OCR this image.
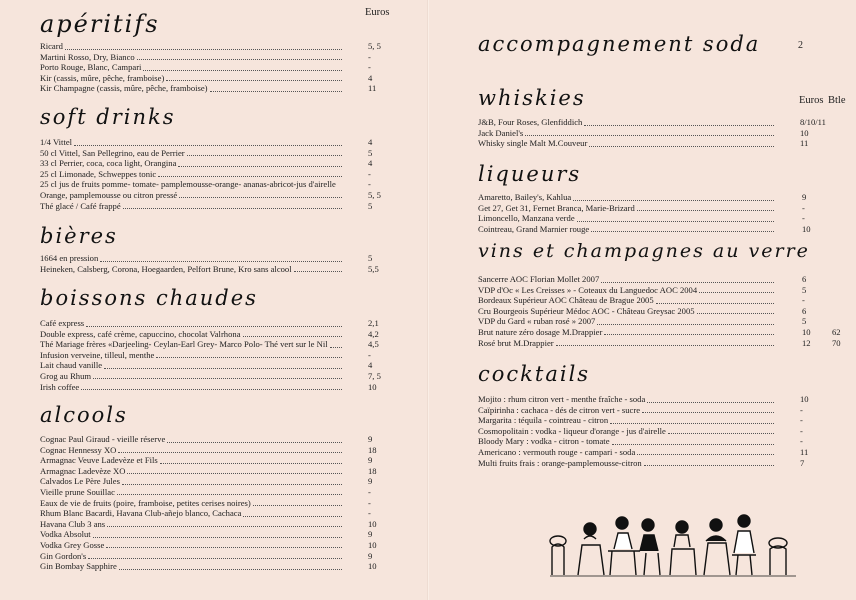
Euros
apéritifs
Ricard	5, 5
Martini Rosso, Dry, Bianco	-
Porto Rouge, Blanc, Campari	-
Kir (cassis, mûre, pêche, framboise)	4
Kir Champagne (cassis, mûre, pêche, framboise)	11
soft drinks
1/4 Vittel	4
50 cl Vittel, San Pellegrino, eau de Perrier	5
33 cl Perrier, coca, coca light, Orangina	4
25 cl Limonade, Schweppes tonic	-
25 cl jus de fruits pomme- tomate- pamplemousse-orange- ananas-abricot-jus d'airelle	-
Orange, pamplemousse ou citron pressé	5, 5
Thé glacé / Café frappé	5
bières
1664 en pression	5
Heineken, Calsberg, Corona, Hoegaarden, Pelfort Brune, Kro sans alcool	5,5
boissons chaudes
Café express	2,1
Double express, café crème, capuccino, chocolat Valrhona	4,2
Thé Mariage frères «Darjeeling- Ceylan-Earl Grey- Marco Polo- Thé vert sur le Nil	4,5
Infusion verveine, tilleul, menthe	-
Lait chaud vanille	4
Grog au Rhum	7, 5
Irish coffee	10
alcools
Cognac Paul Giraud - vieille réserve	9
Cognac Hennessy XO	18
Armagnac Veuve Ladevèze et Fils	9
Armagnac Ladevèze XO	18
Calvados Le Père Jules	9
Vieille prune Souillac	-
Eaux de vie de fruits (poire, framboise, petites cerises noires)	-
Rhum Blanc Bacardi, Havana Club-añejo blanco, Cachaca	-
Havana Club 3 ans	10
Vodka Absolut	9
Vodka Grey Gosse	10
Gin Gordon's	9
Gin Bombay Sapphire	10
accompagnement soda	2
whiskies	Euros Btle
J&B, Four Roses, Glenfiddich	8/10/11
Jack Daniel's	10
Whisky single Malt M.Couveur	11
liqueurs
Amaretto, Bailey's, Kahlua	9
Get 27, Get 31, Fernet Branca, Marie-Brizard	-
Limoncello, Manzana verde	-
Cointreau, Grand Marnier rouge	10
vins et champagnes au verre
Sancerre AOC Florian Mollet 2007	6
VDP d'Oc « Les Creisses » - Coteaux du Languedoc AOC 2004	5
Bordeaux Supérieur AOC Château de Brague 2005	-
Cru Bourgeois Supérieur Médoc AOC - Château Greysac 2005	6
VDP du Gard « ruban rosé » 2007	5
Brut nature zéro dosage M.Drappier	10 62
Rosé brut M.Drappier	12 70
cocktails
Mojito : rhum citron vert - menthe fraîche - soda	10
Caïpirinha : cachaca - dés de citron vert - sucre	-
Margarita : téquila - cointreau - citron	-
Cosmopolitain : vodka - liqueur d'orange - jus d'airelle	-
Bloody Mary : vodka - citron - tomate	-
Americano : vermouth rouge - campari - soda	11
Multi fruits frais : orange-pamplemousse-citron	7
